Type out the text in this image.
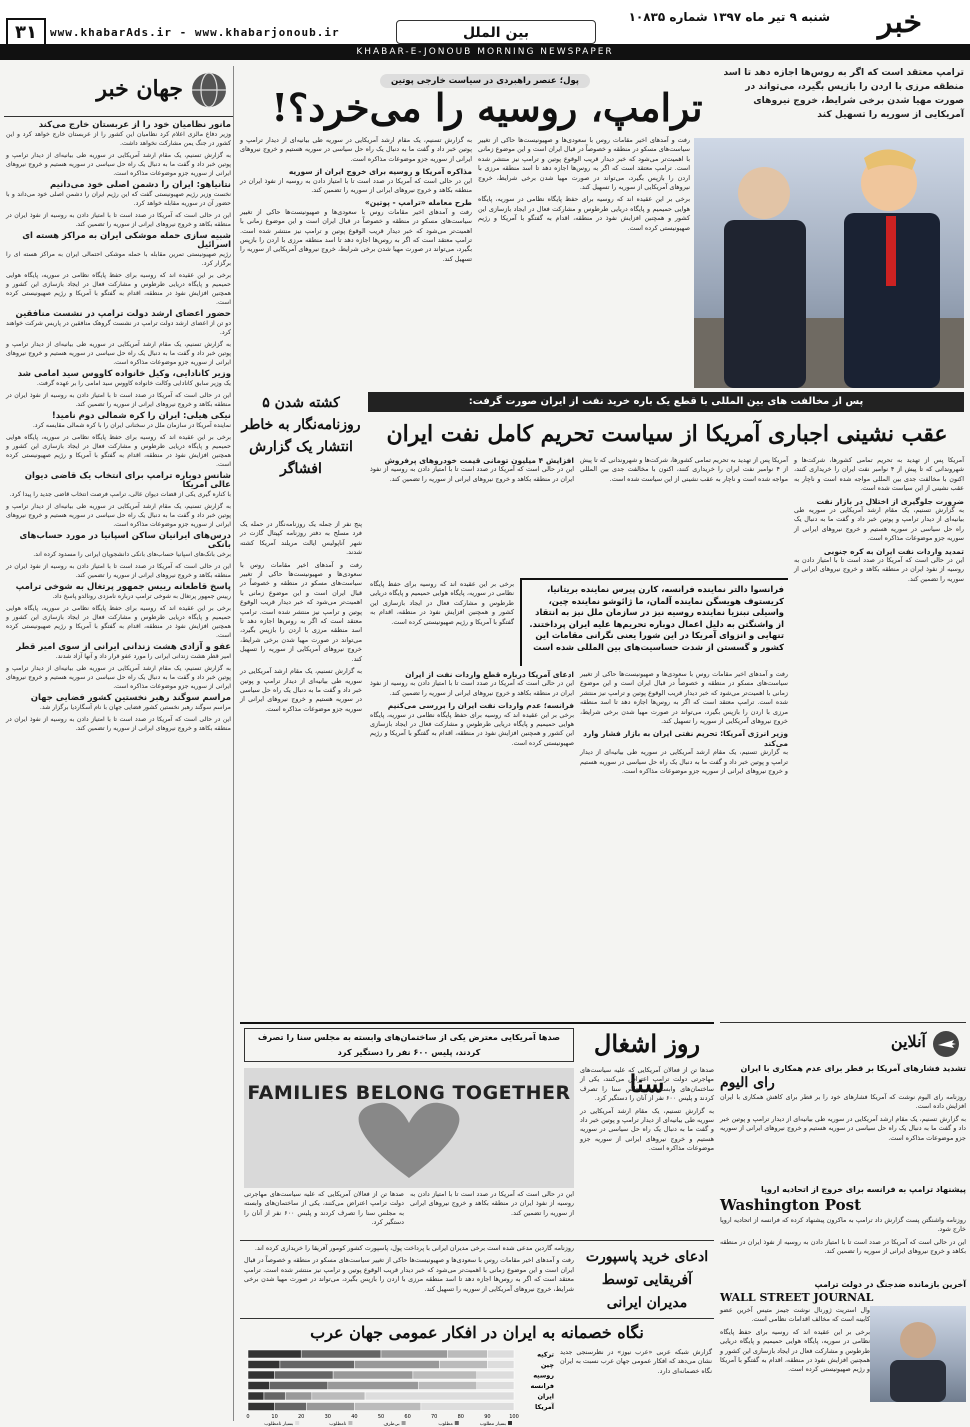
خبر
شنبه ۹ تیر ماه ۱۳۹۷ شماره ۱۰۸۳۵
بین الملل
www.khabarAds.ir - www.khabarjonoub.ir
۳۱
KHABAR-E-JONOUB MORNING NEWSPAPER
ترامپ معتقد است که اگر به روس‌ها اجازه دهد تا اسد منطقه مرزی با اردن را بازپس بگیرد، می‌تواند در صورت مهیا شدن برخی شرایط، خروج نیروهای آمریکایی از سوریه را تسهیل کند
پول؛ عنصر راهبردی در سیاست خارجی پوتین
ترامپ، روسیه را می‌خرد؟!

رفت و آمدهای اخیر مقامات روس با سعودی‌ها و صهیونیست‌ها حاکی از تغییر سیاست‌های مسکو در منطقه و خصوصاً در قبال ایران است و این موضوع زمانی با اهمیت‌تر می‌شود که خبر دیدار قریب الوقوع پوتین و ترامپ نیز منتشر شده است. ترامپ معتقد است که اگر به روس‌ها اجازه دهد تا اسد منطقه مرزی با اردن را بازپس بگیرد، می‌تواند در صورت مهیا شدن برخی شرایط، خروج نیروهای آمریکایی از سوریه را تسهیل کند.

برخی بر این عقیده اند که روسیه برای حفظ پایگاه نظامی در سوریه، پایگاه هوایی حمیمیم و پایگاه دریایی طرطوس و مشارکت فعال در ایجاد بازسازی این کشور و همچنین افزایش نفوذ در منطقه، اقدام به گفتگو با آمریکا و رژیم صهیونیستی کرده است.

به گزارش تسنیم، یک مقام ارشد آمریکایی در سوریه طی بیانیه‌ای از دیدار ترامپ و پوتین خبر داد و گفت ما به دنبال یک راه حل سیاسی در سوریه هستیم و خروج نیروهای ایرانی از سوریه جزو موضوعات مذاکره است.

مذاکره آمریکا و روسیه برای خروج ایران از سوریه

این در حالی است که آمریکا در صدد است تا با امتیاز دادن به روسیه از نفوذ ایران در منطقه بکاهد و خروج نیروهای ایرانی از سوریه را تضمین کند.

طرح معامله «ترامپ - پوتین»

رفت و آمدهای اخیر مقامات روس با سعودی‌ها و صهیونیست‌ها حاکی از تغییر سیاست‌های مسکو در منطقه و خصوصاً در قبال ایران است و این موضوع زمانی با اهمیت‌تر می‌شود که خبر دیدار قریب الوقوع پوتین و ترامپ نیز منتشر شده است. ترامپ معتقد است که اگر به روس‌ها اجازه دهد تا اسد منطقه مرزی با اردن را بازپس بگیرد، می‌تواند در صورت مهیا شدن برخی شرایط، خروج نیروهای آمریکایی از سوریه را تسهیل کند.

پس از مخالفت های بین المللی با قطع یک باره خرید نفت از ایران صورت گرفت:
عقب نشینی اجباری آمریکا از سیاست تحریم کامل نفت ایران

آمریکا پس از تهدید به تحریم تمامی کشورها، شرکت‌ها و شهروندانی که تا پیش از ۴ نوامبر نفت ایران را خریداری کنند، اکنون با مخالفت جدی بین المللی مواجه شده است و ناچار به عقب نشینی از این سیاست شده است.

ضرورت جلوگیری از اختلال در بازار نفت

به گزارش تسنیم، یک مقام ارشد آمریکایی در سوریه طی بیانیه‌ای از دیدار ترامپ و پوتین خبر داد و گفت ما به دنبال یک راه حل سیاسی در سوریه هستیم و خروج نیروهای ایرانی از سوریه جزو موضوعات مذاکره است.

تمدید واردات نفت ایران به کره جنوبی

این در حالی است که آمریکا در صدد است تا با امتیاز دادن به روسیه از نفوذ ایران در منطقه بکاهد و خروج نیروهای ایرانی از سوریه را تضمین کند.

آمریکا پس از تهدید به تحریم تمامی کشورها، شرکت‌ها و شهروندانی که تا پیش از ۴ نوامبر نفت ایران را خریداری کنند، اکنون با مخالفت جدی بین المللی مواجه شده است و ناچار به عقب نشینی از این سیاست شده است.

افزایش ۴ میلیون تومانی قیمت خودروهای پرفروش

این در حالی است که آمریکا در صدد است تا با امتیاز دادن به روسیه از نفوذ ایران در منطقه بکاهد و خروج نیروهای ایرانی از سوریه را تضمین کند.

فرانسوا دالتر نماینده فرانسه، کارن پیرس نماینده بریتانیا، کریستوف هویسگن نماینده آلمان، ما ژائوشو نماینده چین، واسیلی نبنزیا نماینده روسیه نیز در سازمان ملل نیز به انتقاد از واشنگتن به دلیل اعمال دوباره تحریم‌ها علیه ایران پرداختند. تنهایی و انزوای آمریکا در این شورا یعنی نگرانی مقامات این کشور و گسستن از شدت حساسیت‌های بین المللی شده است

رفت و آمدهای اخیر مقامات روس با سعودی‌ها و صهیونیست‌ها حاکی از تغییر سیاست‌های مسکو در منطقه و خصوصاً در قبال ایران است و این موضوع زمانی با اهمیت‌تر می‌شود که خبر دیدار قریب الوقوع پوتین و ترامپ نیز منتشر شده است. ترامپ معتقد است که اگر به روس‌ها اجازه دهد تا اسد منطقه مرزی با اردن را بازپس بگیرد، می‌تواند در صورت مهیا شدن برخی شرایط، خروج نیروهای آمریکایی از سوریه را تسهیل کند.

وزیر انرژی آمریکا: تحریم نفتی ایران به بازار فشار وارد می‌کند

به گزارش تسنیم، یک مقام ارشد آمریکایی در سوریه طی بیانیه‌ای از دیدار ترامپ و پوتین خبر داد و گفت ما به دنبال یک راه حل سیاسی در سوریه هستیم و خروج نیروهای ایرانی از سوریه جزو موضوعات مذاکره است.

برخی بر این عقیده اند که روسیه برای حفظ پایگاه نظامی در سوریه، پایگاه هوایی حمیمیم و پایگاه دریایی طرطوس و مشارکت فعال در ایجاد بازسازی این کشور و همچنین افزایش نفوذ در منطقه، اقدام به گفتگو با آمریکا و رژیم صهیونیستی کرده است.

ادعای آمریکا درباره قطع واردات نفت از ایران

این در حالی است که آمریکا در صدد است تا با امتیاز دادن به روسیه از نفوذ ایران در منطقه بکاهد و خروج نیروهای ایرانی از سوریه را تضمین کند.

فرانسه؛ عدم واردات نفت ایران را بررسی می‌کنیم

برخی بر این عقیده اند که روسیه برای حفظ پایگاه نظامی در سوریه، پایگاه هوایی حمیمیم و پایگاه دریایی طرطوس و مشارکت فعال در ایجاد بازسازی این کشور و همچنین افزایش نفوذ در منطقه، اقدام به گفتگو با آمریکا و رژیم صهیونیستی کرده است.

کشته شدن ۵ روزنامه‌نگار به خاطر انتشار یک گزارش افشاگر

پنج نفر از جمله یک روزنامه‌نگار در حمله یک فرد مسلح به دفتر روزنامه کپیتال گازت در شهر آناپولیس ایالت مریلند آمریکا کشته شدند.

رفت و آمدهای اخیر مقامات روس با سعودی‌ها و صهیونیست‌ها حاکی از تغییر سیاست‌های مسکو در منطقه و خصوصاً در قبال ایران است و این موضوع زمانی با اهمیت‌تر می‌شود که خبر دیدار قریب الوقوع پوتین و ترامپ نیز منتشر شده است. ترامپ معتقد است که اگر به روس‌ها اجازه دهد تا اسد منطقه مرزی با اردن را بازپس بگیرد، می‌تواند در صورت مهیا شدن برخی شرایط، خروج نیروهای آمریکایی از سوریه را تسهیل کند.

به گزارش تسنیم، یک مقام ارشد آمریکایی در سوریه طی بیانیه‌ای از دیدار ترامپ و پوتین خبر داد و گفت ما به دنبال یک راه حل سیاسی در سوریه هستیم و خروج نیروهای ایرانی از سوریه جزو موضوعات مذاکره است.

جهان خبر
مانور نظامیان خود را از عربستان خارج می‌کند

وزیر دفاع مالزی اعلام کرد نظامیان این کشور را از عربستان خارج خواهد کرد و این کشور در جنگ یمن مشارکت نخواهد داشت.

به گزارش تسنیم، یک مقام ارشد آمریکایی در سوریه طی بیانیه‌ای از دیدار ترامپ و پوتین خبر داد و گفت ما به دنبال یک راه حل سیاسی در سوریه هستیم و خروج نیروهای ایرانی از سوریه جزو موضوعات مذاکره است.

نتانیاهو: ایران را دشمن اصلی خود می‌دانیم

نخست وزیر رژیم صهیونیستی گفت که این رژیم ایران را دشمن اصلی خود می‌داند و با حضور آن در سوریه مقابله خواهد کرد.

این در حالی است که آمریکا در صدد است تا با امتیاز دادن به روسیه از نفوذ ایران در منطقه بکاهد و خروج نیروهای ایرانی از سوریه را تضمین کند.

شبیه سازی حمله موشکی ایران به مراکز هسته ای اسرائیل

رژیم صهیونیستی تمرین مقابله با حمله موشکی احتمالی ایران به مراکز هسته ای را برگزار کرد.

برخی بر این عقیده اند که روسیه برای حفظ پایگاه نظامی در سوریه، پایگاه هوایی حمیمیم و پایگاه دریایی طرطوس و مشارکت فعال در ایجاد بازسازی این کشور و همچنین افزایش نفوذ در منطقه، اقدام به گفتگو با آمریکا و رژیم صهیونیستی کرده است.

حضور اعضای ارشد دولت ترامپ در نشست منافقین

دو تن از اعضای ارشد دولت ترامپ در نشست گروهک منافقین در پاریس شرکت خواهند کرد.

به گزارش تسنیم، یک مقام ارشد آمریکایی در سوریه طی بیانیه‌ای از دیدار ترامپ و پوتین خبر داد و گفت ما به دنبال یک راه حل سیاسی در سوریه هستیم و خروج نیروهای ایرانی از سوریه جزو موضوعات مذاکره است.

وزیر کانادایی، وکیل خانواده کاووس سید امامی شد

یک وزیر سابق کانادایی وکالت خانواده کاووس سید امامی را بر عهده گرفت.

این در حالی است که آمریکا در صدد است تا با امتیاز دادن به روسیه از نفوذ ایران در منطقه بکاهد و خروج نیروهای ایرانی از سوریه را تضمین کند.

نیکی هیلی: ایران را کره شمالی دوم نامید!

نماینده آمریکا در سازمان ملل در سخنانی ایران را با کره شمالی مقایسه کرد.

برخی بر این عقیده اند که روسیه برای حفظ پایگاه نظامی در سوریه، پایگاه هوایی حمیمیم و پایگاه دریایی طرطوس و مشارکت فعال در ایجاد بازسازی این کشور و همچنین افزایش نفوذ در منطقه، اقدام به گفتگو با آمریکا و رژیم صهیونیستی کرده است.

شانس دوباره ترامپ برای انتخاب یک قاضی دیوان عالی آمریکا

با کناره گیری یکی از قضات دیوان عالی، ترامپ فرصت انتخاب قاضی جدید را پیدا کرد.

به گزارش تسنیم، یک مقام ارشد آمریکایی در سوریه طی بیانیه‌ای از دیدار ترامپ و پوتین خبر داد و گفت ما به دنبال یک راه حل سیاسی در سوریه هستیم و خروج نیروهای ایرانی از سوریه جزو موضوعات مذاکره است.

درس‌های ایرانیان ساکن اسپانیا در مورد حساب‌های بانکی

برخی بانک‌های اسپانیا حساب‌های بانکی دانشجویان ایرانی را مسدود کرده اند.

این در حالی است که آمریکا در صدد است تا با امتیاز دادن به روسیه از نفوذ ایران در منطقه بکاهد و خروج نیروهای ایرانی از سوریه را تضمین کند.

پاسخ قاطعانه رییس جمهور پرتغال به شوخی ترامپ

رییس جمهور پرتغال به شوخی ترامپ درباره نامزدی رونالدو پاسخ داد.

برخی بر این عقیده اند که روسیه برای حفظ پایگاه نظامی در سوریه، پایگاه هوایی حمیمیم و پایگاه دریایی طرطوس و مشارکت فعال در ایجاد بازسازی این کشور و همچنین افزایش نفوذ در منطقه، اقدام به گفتگو با آمریکا و رژیم صهیونیستی کرده است.

عفو و آزادی هشت زندانی ایرانی از سوی امیر قطر

امیر قطر هشت زندانی ایرانی را مورد عفو قرار داد و آنها آزاد شدند.

به گزارش تسنیم، یک مقام ارشد آمریکایی در سوریه طی بیانیه‌ای از دیدار ترامپ و پوتین خبر داد و گفت ما به دنبال یک راه حل سیاسی در سوریه هستیم و خروج نیروهای ایرانی از سوریه جزو موضوعات مذاکره است.

مراسم سوگند رهبر نخستین کشور فضایی جهان

مراسم سوگند رهبر نخستین کشور فضایی جهان با نام آسگاردیا برگزار شد.

این در حالی است که آمریکا در صدد است تا با امتیاز دادن به روسیه از نفوذ ایران در منطقه بکاهد و خروج نیروهای ایرانی از سوریه را تضمین کند.

روز اشغال سنا
صدها آمریکایی معترض یکی از ساختمان‌های وابسته به مجلس سنا را تصرف کردند، پلیس ۶۰۰ نفر را دستگیر کرد
FAMILIES BELONG TOGETHER

صدها تن از فعالان آمریکایی که علیه سیاست‌های مهاجرتی دولت ترامپ اعتراض می‌کنند، یکی از ساختمان‌های وابسته به مجلس سنا را تصرف کردند و پلیس ۶۰۰ نفر از آنان را دستگیر کرد.

به گزارش تسنیم، یک مقام ارشد آمریکایی در سوریه طی بیانیه‌ای از دیدار ترامپ و پوتین خبر داد و گفت ما به دنبال یک راه حل سیاسی در سوریه هستیم و خروج نیروهای ایرانی از سوریه جزو موضوعات مذاکره است.

صدها تن از فعالان آمریکایی که علیه سیاست‌های مهاجرتی دولت ترامپ اعتراض می‌کنند، یکی از ساختمان‌های وابسته به مجلس سنا را تصرف کردند و پلیس ۶۰۰ نفر از آنان را دستگیر کرد.

این در حالی است که آمریکا در صدد است تا با امتیاز دادن به روسیه از نفوذ ایران در منطقه بکاهد و خروج نیروهای ایرانی از سوریه را تضمین کند.

ادعای خرید پاسپورت آفریقایی توسط مدیران ایرانی

روزنامه گاردین مدعی شده است برخی مدیران ایرانی با پرداخت پول، پاسپورت کشور کومور آفریقا را خریداری کرده اند.

رفت و آمدهای اخیر مقامات روس با سعودی‌ها و صهیونیست‌ها حاکی از تغییر سیاست‌های مسکو در منطقه و خصوصاً در قبال ایران است و این موضوع زمانی با اهمیت‌تر می‌شود که خبر دیدار قریب الوقوع پوتین و ترامپ نیز منتشر شده است. ترامپ معتقد است که اگر به روس‌ها اجازه دهد تا اسد منطقه مرزی با اردن را بازپس بگیرد، می‌تواند در صورت مهیا شدن برخی شرایط، خروج نیروهای آمریکایی از سوریه را تسهیل کند.

نگاه خصمانه به ایران در افکار عمومی جهان عرب

گزارش شبکه عربی «عرب نیوز» در نظرسنجی جدید نشان می‌دهد که افکار عمومی جهان عرب نسبت به ایران نگاه خصمانه‌ای دارد.

ترکیه
چین
روسیه
فرانسه
ایران
آمریکا
0	10	20	30	40	50	60	70	80	90	100
بسیار مطلوب
مطلوب
بی‌طرف
نامطلوب
بسیار نامطلوب
آنلاین
تشدید فشارهای آمریکا بر قطر برای عدم همکاری با ایران
رای الیوم

روزنامه رای الیوم نوشت که آمریکا فشارهای خود را بر قطر برای کاهش همکاری با ایران افزایش داده است.

به گزارش تسنیم، یک مقام ارشد آمریکایی در سوریه طی بیانیه‌ای از دیدار ترامپ و پوتین خبر داد و گفت ما به دنبال یک راه حل سیاسی در سوریه هستیم و خروج نیروهای ایرانی از سوریه جزو موضوعات مذاکره است.

پیشنهاد ترامپ به فرانسه برای خروج از اتحادیه اروپا
Washington Post

روزنامه واشنگتن پست گزارش داد ترامپ به ماکرون پیشنهاد کرده که فرانسه از اتحادیه اروپا خارج شود.

این در حالی است که آمریکا در صدد است تا با امتیاز دادن به روسیه از نفوذ ایران در منطقه بکاهد و خروج نیروهای ایرانی از سوریه را تضمین کند.

آخرین بازمانده ضدجنگ در دولت ترامپ
WALL STREET JOURNAL

وال استریت ژورنال نوشت جیمز متیس آخرین عضو کابینه است که مخالف اقدامات نظامی است.

برخی بر این عقیده اند که روسیه برای حفظ پایگاه نظامی در سوریه، پایگاه هوایی حمیمیم و پایگاه دریایی طرطوس و مشارکت فعال در ایجاد بازسازی این کشور و همچنین افزایش نفوذ در منطقه، اقدام به گفتگو با آمریکا و رژیم صهیونیستی کرده است.
